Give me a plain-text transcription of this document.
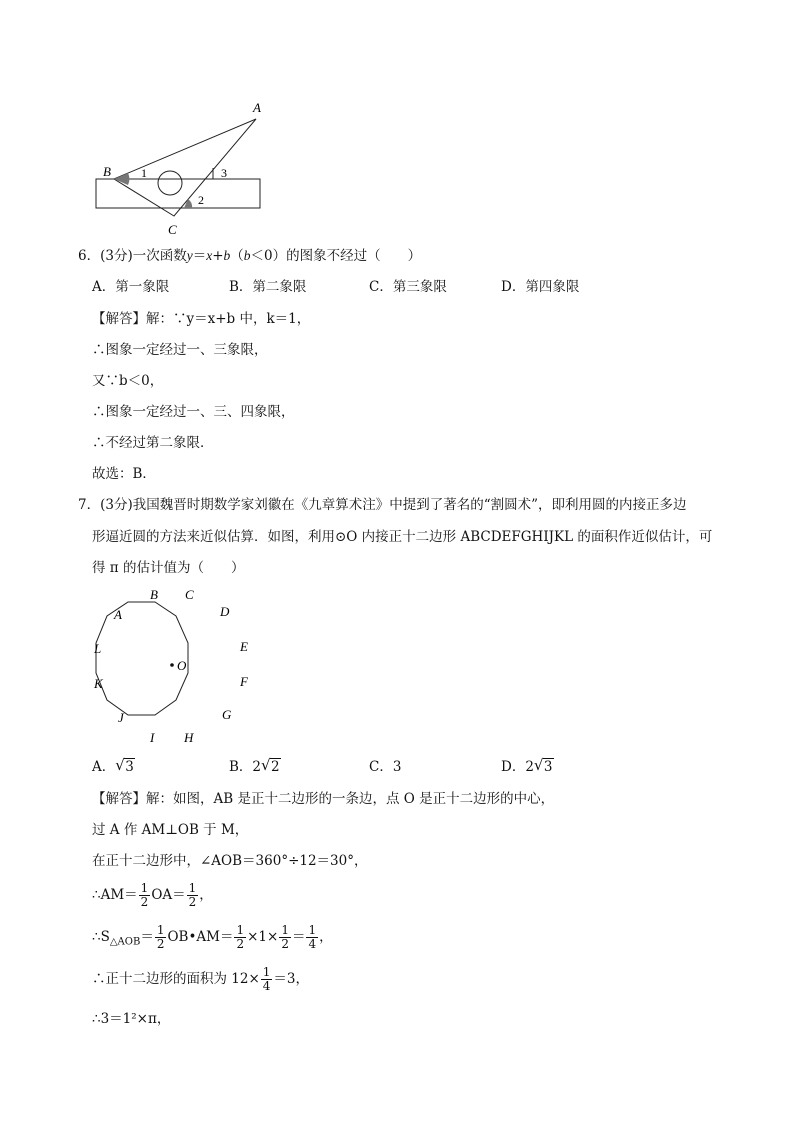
A
B
C
1
2
3
6．(3分)一次函数y＝x+b（b＜0）的图象不经过（　　）
A．第一象限	B．第二象限	C．第三象限	D．第四象限
【解答】解：∵y＝x+b 中，k＝1，
∴图象一定经过一、三象限，
又∵b＜0，
∴图象一定经过一、三、四象限，
∴不经过第二象限．
故选：B．
7．(3分)我国魏晋时期数学家刘徽在《九章算术注》中提到了著名的“割圆术”，即利用圆的内接正多边
形逼近圆的方法来近似估算．如图，利用⊙O 内接正十二边形 ABCDEFGHIJKL 的面积作近似估计，可
得 π 的估计值为（　　）
O
A
B C
D
E
F
G
H
I
J
K
L
A． √ 3	B．2 √ 2	C．3	D．2 √ 3
【解答】解：如图，AB 是正十二边形的一条边，点 O 是正十二边形的中心，
过 A 作 AM⊥OB 于 M，
在正十二边形中，∠AOB＝360°÷12＝30°，
∴AM＝ $\frac{1}{2} OA= \frac{1}{2}$ ，
$\therefore S_{\triangle AOB}= \frac{1}{2}$ OB•AM＝ $\frac{1}{2} \times 1\times \frac{1}{2} = \frac{1}{4}$ ，
∴正十二边形的面积为 $12\times \frac{1}{4} =3$，
∴3＝1²×π，
